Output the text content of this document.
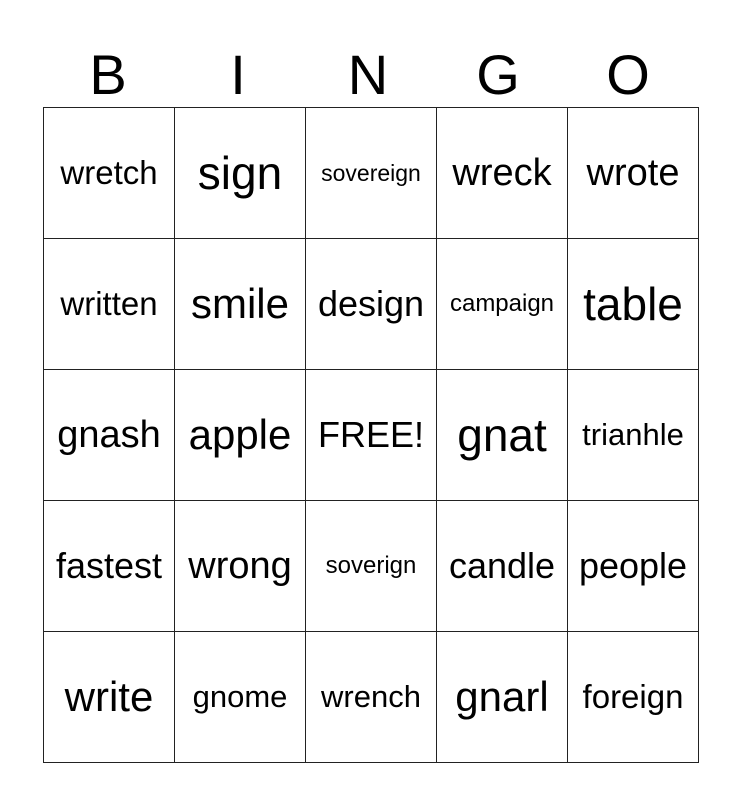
B	I	N	G	O
wretch	sign	sovereign	wreck	wrote
written	smile	design	campaign	table
gnash	apple	FREE!	gnat	trianhle
fastest	wrong	soverign	candle	people
write	gnome	wrench	gnarl	foreign
